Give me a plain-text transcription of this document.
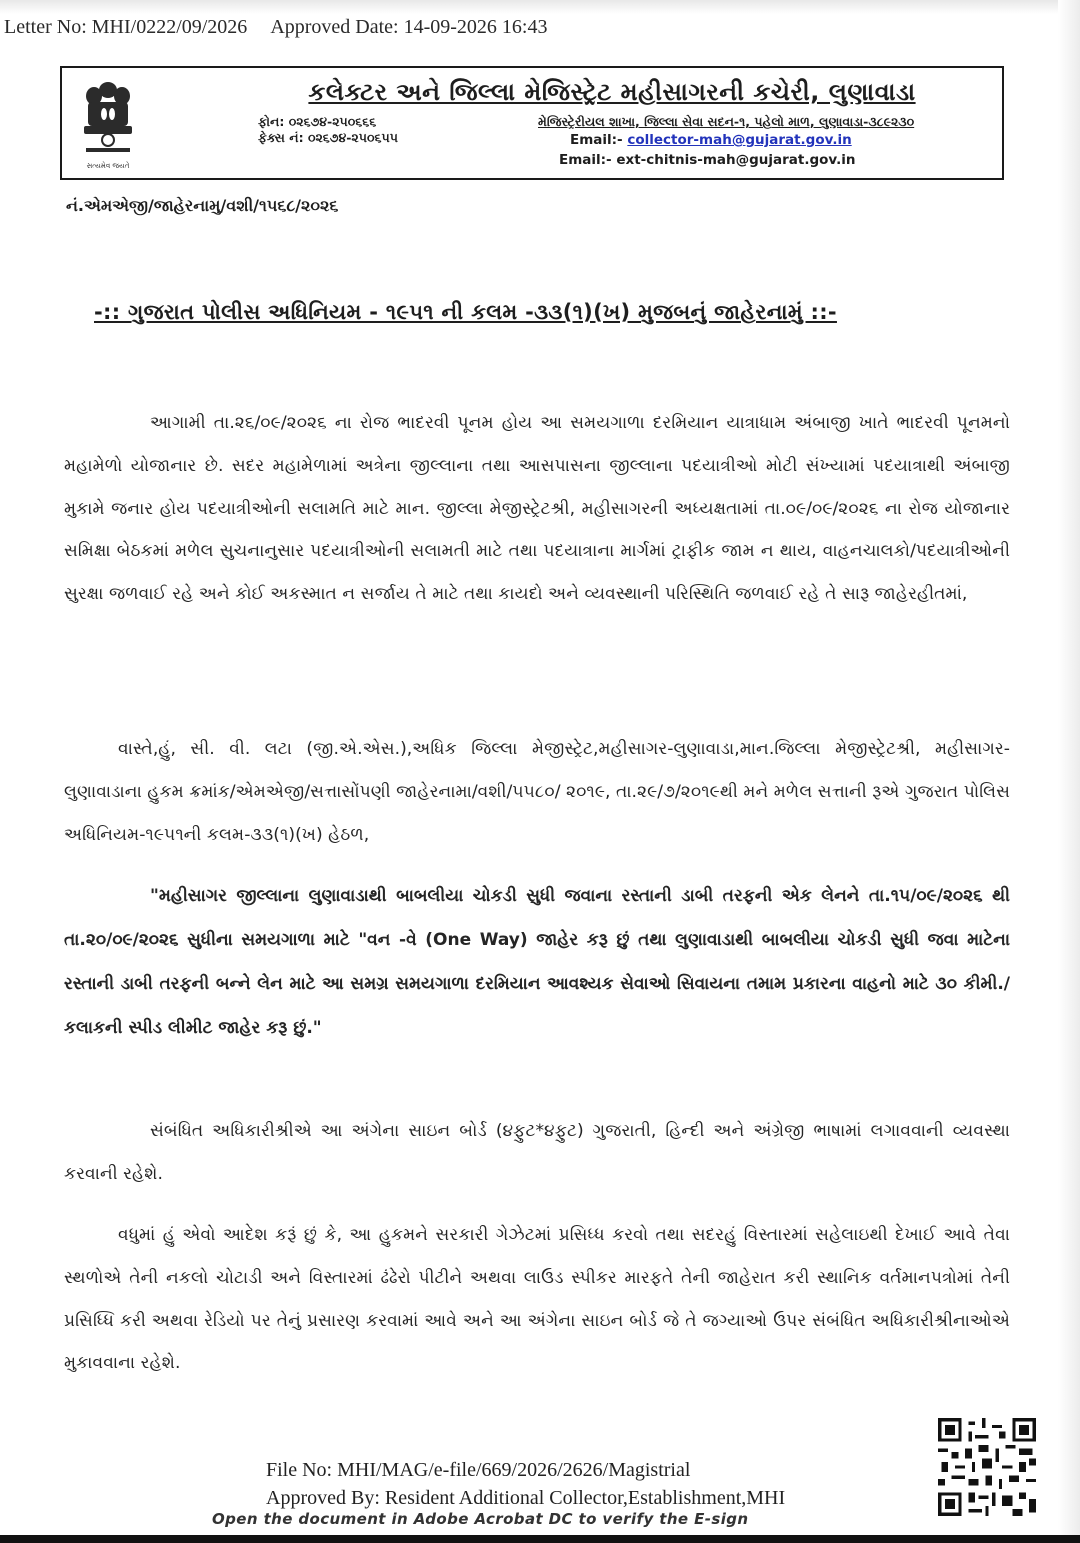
Letter No: MHI/0222/09/2026 Approved Date: 14-09-2026 16:43
સત્યમેવ જયતે
કલેક્ટર અને જિલ્લા મેજિસ્ટ્રેટ મહીસાગરની કચેરી, લુણાવાડા
ફોન: ૦૨૬૭૪-૨૫૦૬૬૬
ફેક્સ નં: ૦૨૬૭૪-૨૫૦૬૫૫
મેજિસ્ટ્રેરીયલ શાખા, જિલ્લા સેવા સદન-૧, પહેલો માળ, લુણાવાડા-૩૮૯૨૩૦
Email:- collector-mah@gujarat.gov.in
Email:- ext-chitnis-mah@gujarat.gov.in
નં.એમએજી/જાહેરનામુ/વશી/૧૫૬૮/૨૦૨૬
-:: ગુજરાત પોલીસ અધિનિયમ - ૧૯૫૧ ની કલમ -૩૩(૧)(ખ) મુજબનું જાહેરનામું ::-
આગામી તા.૨૬/૦૯/૨૦૨૬ ના રોજ ભાદરવી પૂનમ હોય આ સમયગાળા દરમિયાન યાત્રાધામ અંબાજી ખાતે ભાદરવી પૂનમનો મહામેળો યોજાનાર છે. સદર મહામેળામાં અત્રેના જીલ્લાના તથા આસપાસના જીલ્લાના પદયાત્રીઓ મોટી સંખ્યામાં પદયાત્રાથી અંબાજી મુકામે જનાર હોય પદયાત્રીઓની સલામતિ માટે માન. જીલ્લા મેજીસ્ટ્રેટશ્રી, મહીસાગરની અધ્યક્ષતામાં તા.૦૯/૦૯/૨૦૨૬ ના રોજ યોજાનાર સમિક્ષા બેઠકમાં મળેલ સુચનાનુસાર પદયાત્રીઓની સલામતી માટે તથા પદયાત્રાના માર્ગમાં ટ્રાફીક જામ ન થાય, વાહનચાલકો/પદયાત્રીઓની સુરક્ષા જળવાઈ રહે અને કોઈ અકસ્માત ન સર્જાય તે માટે તથા કાયદો અને વ્યવસ્થાની પરિસ્થિતિ જળવાઈ રહે તે સારૂ જાહેરહીતમાં,
વાસ્તે,હું, સી. વી. લટા (જી.એ.એસ.),અધિક જિલ્લા મેજીસ્ટ્રેટ,મહીસાગર-લુણાવાડા,માન.જિલ્લા મેજીસ્ટ્રેટશ્રી, મહીસાગર-લુણાવાડાના હુકમ ક્રમાંક/એમએજી/સત્તાસોંપણી જાહેરનામા/વશી/૫૫૮૦/ ૨૦૧૯, તા.૨૯/૭/૨૦૧૯થી મને મળેલ સત્તાની રૂએ ગુજરાત પોલિસ અધિનિયમ-૧૯૫૧ની કલમ-૩૩(૧)(ખ) હેઠળ,
"મહીસાગર જીલ્લાના લુણાવાડાથી બાબલીયા ચોકડી સુધી જવાના રસ્તાની ડાબી તરફની એક લેનને તા.૧૫/૦૯/૨૦૨૬ થી તા.૨૦/૦૯/૨૦૨૬ સુધીના સમયગાળા માટે "વન -વે (One Way) જાહેર કરૂ છું તથા લુણાવાડાથી બાબલીયા ચોકડી સુધી જવા માટેના રસ્તાની ડાબી તરફની બન્ને લેન માટે આ સમગ્ર સમયગાળા દરમિયાન આવશ્યક સેવાઓ સિવાયના તમામ પ્રકારના વાહનો માટે ૩૦ કીમી./કલાકની સ્પીડ લીમીટ જાહેર કરૂ છું."
સંબંધિત અધિકારીશ્રીએ આ અંગેના સાઇન બોર્ડ (૪ફુટ*૪ફુટ) ગુજરાતી, હિન્દી અને અંગ્રેજી ભાષામાં લગાવવાની વ્યવસ્થા કરવાની રહેશે.
વધુમાં હું એવો આદેશ કરૂં છું કે, આ હુકમને સરકારી ગેઝેટમાં પ્રસિધ્ધ કરવો તથા સદરહું વિસ્તારમાં સહેલાઇથી દેખાઈ આવે તેવા સ્થળોએ તેની નકલો ચોટાડી અને વિસ્તારમાં ઢંઢેરો પીટીને અથવા લાઉડ સ્પીકર મારફતે તેની જાહેરાત કરી સ્થાનિક વર્તમાનપત્રોમાં તેની પ્રસિધ્ધિ કરી અથવા રેડિયો પર તેનું પ્રસારણ કરવામાં આવે અને આ અંગેના સાઇન બોર્ડ જે તે જગ્યાઓ ઉપર સંબંધિત અધિકારીશ્રીનાઓએ મુકાવવાના રહેશે.
File No: MHI/MAG/e-file/669/2026/2626/Magistrial
Approved By: Resident Additional Collector,Establishment,MHI
Open the document in Adobe Acrobat DC to verify the E-sign
